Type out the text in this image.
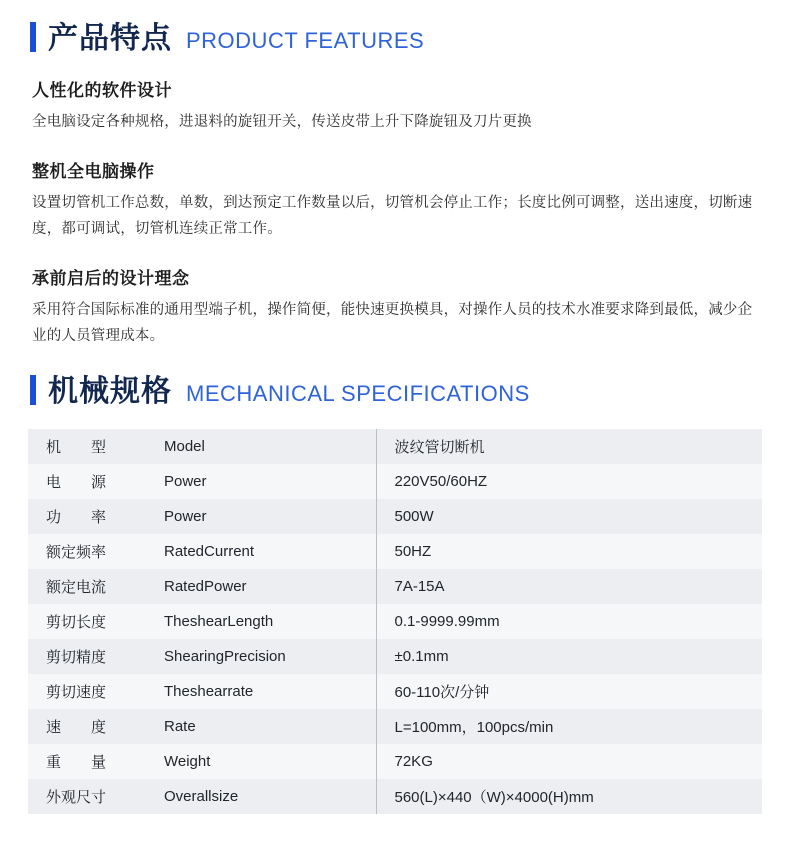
产品特点 PRODUCT FEATURES
人性化的软件设计
全电脑设定各种规格，进退料的旋钮开关，传送皮带上升下降旋钮及刀片更换
整机全电脑操作
设置切管机工作总数，单数，到达预定工作数量以后，切管机会停止工作；长度比例可调整，送出速度，切断速度，都可调试，切管机连续正常工作。
承前启后的设计理念
采用符合国际标准的通用型端子机，操作简便，能快速更换模具，对操作人员的技术水准要求降到最低，减少企业的人员管理成本。
机械规格 MECHANICAL SPECIFICATIONS
机　　型	Model	波纹管切断机
电　　源	Power	220V50/60HZ
功　　率	Power	500W
额定频率	RatedCurrent	50HZ
额定电流	RatedPower	7A-15A
剪切长度	TheshearLength	0.1-9999.99mm
剪切精度	ShearingPrecision	±0.1mm
剪切速度	Theshearrate	60-110次/分钟
速　　度	Rate	L=100mm，100pcs/min
重　　量	Weight	72KG
外观尺寸	Overallsize	560(L)×440（W)×4000(H)mm
